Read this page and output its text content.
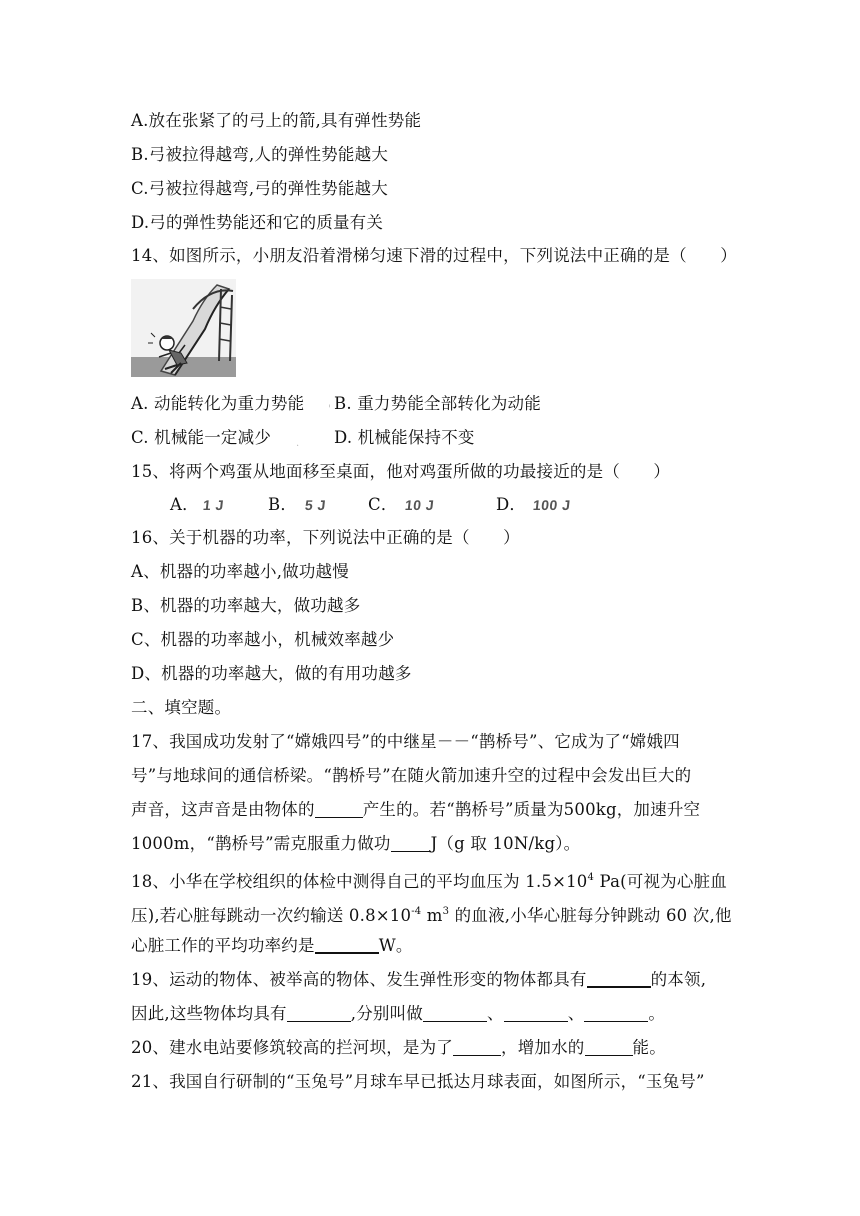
A.放在张紧了的弓上的箭,具有弹性势能
B.弓被拉得越弯,人的弹性势能越大
C.弓被拉得越弯,弓的弹性势能越大
D.弓的弹性势能还和它的质量有关
14、如图所示，小朋友沿着滑梯匀速下滑的过程中，下列说法中正确的是（　　）
A. 动能转化为重力势能 ' B. 重力势能全部转化为动能
C. 机械能一定减少 . D. 机械能保持不变
15、将两个鸡蛋从地面移至桌面，他对鸡蛋所做的功最接近的是（　　）
A． 1 J	B． 5 J C． 10 J	D． 100 J
16、关于机器的功率，下列说法中正确的是（　　）
A、机器的功率越小,做功越慢
B、机器的功率越大，做功越多
C、机器的功率越小，机械效率越少
D、机器的功率越大，做的有用功越多
二、填空题。
17、我国成功发射了“嫦娥四号”的中继星－－“鹊桥号”、它成为了“嫦娥四
号”与地球间的通信桥梁。“鹊桥号”在随火箭加速升空的过程中会发出巨大的
声音，这声音是由物体的	产生的。若“鹊桥号”质量为500kg，加速升空
1000m，“鹊桥号”需克服重力做功 J（g 取 10N/kg）。
18、小华在学校组织的体检中测得自己的平均血压为 $1.5\times 10^4$ Pa(可视为心脏血
压),若心脏每跳动一次约输送 $0.8\times 10^{-4}$ $m^3$ 的血液,小华心脏每分钟跳动 60 次,他
心脏工作的平均功率约是	W。
19、运动的物体、被举高的物体、发生弹性形变的物体都具有	的本领,
因此,这些物体均具有	,分别叫做	、	、	。
20、建水电站要修筑较高的拦河坝，是为了	，增加水的	能。
21、我国自行研制的“玉兔号”月球车早已抵达月球表面，如图所示，“玉兔号”
